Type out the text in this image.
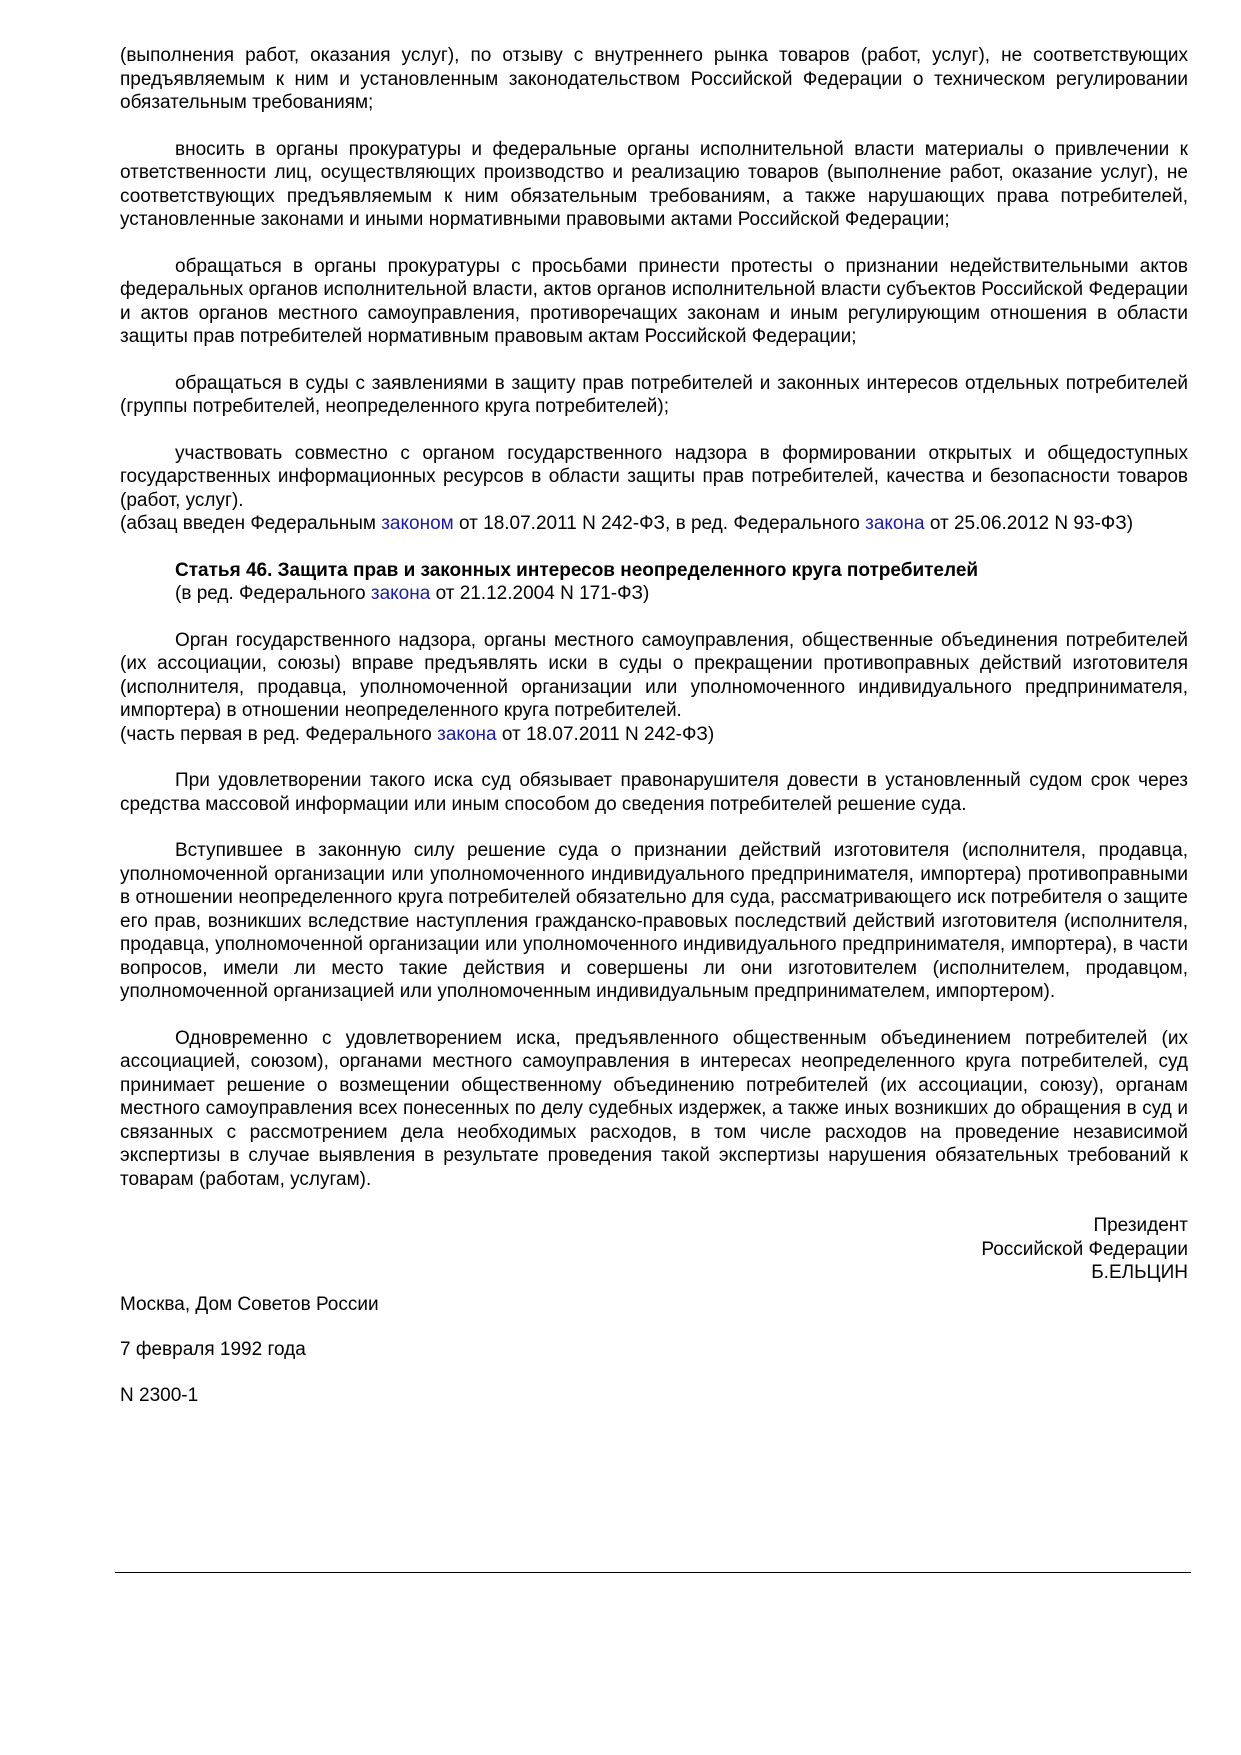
(выполнения работ, оказания услуг), по отзыву с внутреннего рынка товаров (работ, услуг), не соответствующих предъявляемым к ним и установленным законодательством Российской Федерации о техническом регулировании обязательным требованиям;

вносить в органы прокуратуры и федеральные органы исполнительной власти материалы о привлечении к ответственности лиц, осуществляющих производство и реализацию товаров (выполнение работ, оказание услуг), не соответствующих предъявляемым к ним обязательным требованиям, а также нарушающих права потребителей, установленные законами и иными нормативными правовыми актами Российской Федерации;

обращаться в органы прокуратуры с просьбами принести протесты о признании недействительными актов федеральных органов исполнительной власти, актов органов исполнительной власти субъектов Российской Федерации и актов органов местного самоуправления, противоречащих законам и иным регулирующим отношения в области защиты прав потребителей нормативным правовым актам Российской Федерации;

обращаться в суды с заявлениями в защиту прав потребителей и законных интересов отдельных потребителей (группы потребителей, неопределенного круга потребителей);

участвовать совместно с органом государственного надзора в формировании открытых и общедоступных государственных информационных ресурсов в области защиты прав потребителей, качества и безопасности товаров (работ, услуг).

(абзац введен Федеральным законом от 18.07.2011 N 242-ФЗ, в ред. Федерального закона от 25.06.2012 N 93-ФЗ)

Статья 46. Защита прав и законных интересов неопределенного круга потребителей

(в ред. Федерального закона от 21.12.2004 N 171-ФЗ)

Орган государственного надзора, органы местного самоуправления, общественные объединения потребителей (их ассоциации, союзы) вправе предъявлять иски в суды о прекращении противоправных действий изготовителя (исполнителя, продавца, уполномоченной организации или уполномоченного индивидуального предпринимателя, импортера) в отношении неопределенного круга потребителей.

(часть первая в ред. Федерального закона от 18.07.2011 N 242-ФЗ)

При удовлетворении такого иска суд обязывает правонарушителя довести в установленный судом срок через средства массовой информации или иным способом до сведения потребителей решение суда.

Вступившее в законную силу решение суда о признании действий изготовителя (исполнителя, продавца, уполномоченной организации или уполномоченного индивидуального предпринимателя, импортера) противоправными в отношении неопределенного круга потребителей обязательно для суда, рассматривающего иск потребителя о защите его прав, возникших вследствие наступления гражданско-правовых последствий действий изготовителя (исполнителя, продавца, уполномоченной организации или уполномоченного индивидуального предпринимателя, импортера), в части вопросов, имели ли место такие действия и совершены ли они изготовителем (исполнителем, продавцом, уполномоченной организацией или уполномоченным индивидуальным предпринимателем, импортером).

Одновременно с удовлетворением иска, предъявленного общественным объединением потребителей (их ассоциацией, союзом), органами местного самоуправления в интересах неопределенного круга потребителей, суд принимает решение о возмещении общественному объединению потребителей (их ассоциации, союзу), органам местного самоуправления всех понесенных по делу судебных издержек, а также иных возникших до обращения в суд и связанных с рассмотрением дела необходимых расходов, в том числе расходов на проведение независимой экспертизы в случае выявления в результате проведения такой экспертизы нарушения обязательных требований к товарам (работам, услугам).

Президент
Российской Федерации
Б.ЕЛЬЦИН

Москва, Дом Советов России

7 февраля 1992 года

N 2300-1
